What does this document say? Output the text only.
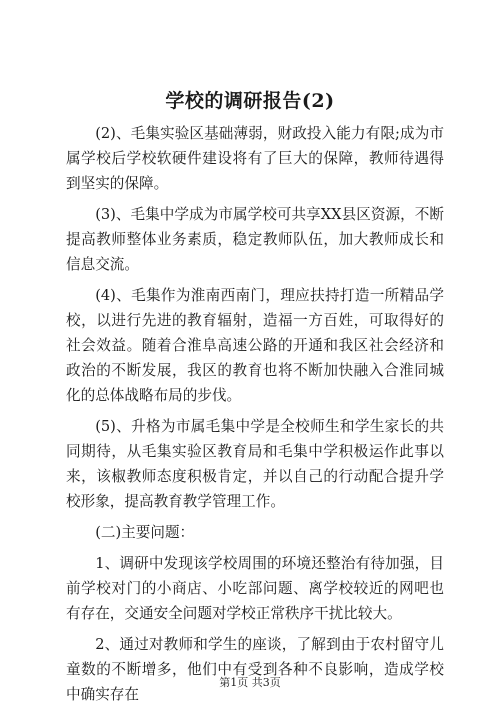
学校的调研报告(2)

(2)、毛集实验区基础薄弱，财政投入能力有限;成为市属学校后学校软硬件建设将有了巨大的保障，教师待遇得到坚实的保障。

(3)、毛集中学成为市属学校可共享XX县区资源，不断提高教师整体业务素质，稳定教师队伍，加大教师成长和信息交流。

(4)、毛集作为淮南西南门，理应扶持打造一所精品学校，以进行先进的教育辐射，造福一方百姓，可取得好的社会效益。随着合淮阜高速公路的开通和我区社会经济和政治的不断发展，我区的教育也将不断加快融入合淮同城化的总体战略布局的步伐。

(5)、升格为市属毛集中学是全校师生和学生家长的共同期待，从毛集实验区教育局和毛集中学积极运作此事以来，该椒教师态度积极肯定，并以自己的行动配合提升学校形象，提高教育教学管理工作。

(二)主要问题：

1、调研中发现该学校周围的环境还整治有待加强，目前学校对门的小商店、小吃部问题、离学校较近的网吧也有存在，交通安全问题对学校正常秩序干扰比较大。

2、通过对教师和学生的座谈，了解到由于农村留守儿童数的不断增多，他们中有受到各种不良影响，造成学校中确实存在

第1页 共3页
